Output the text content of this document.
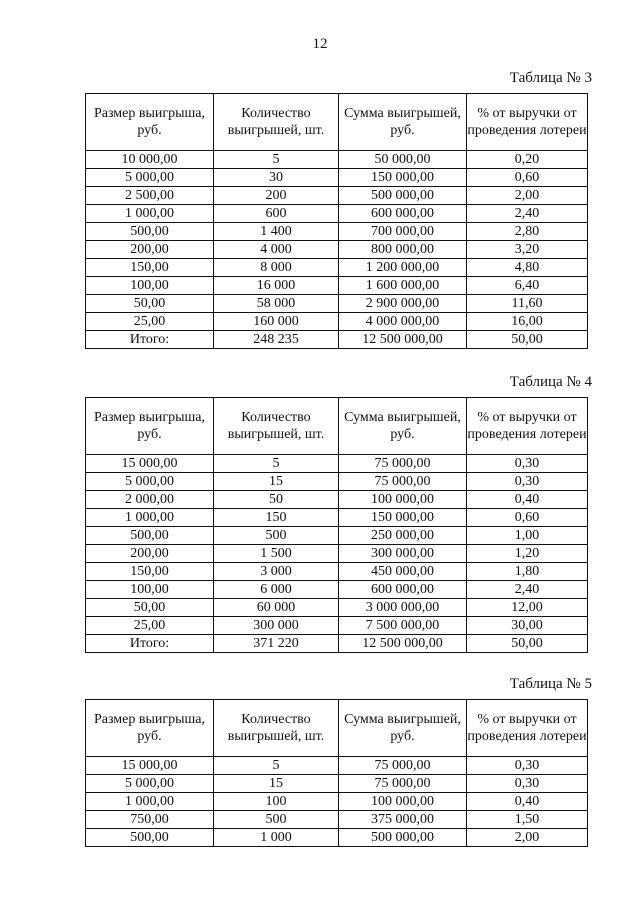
12
Таблица № 3
Размер выигрыша, руб.	Количество выигрышей, шт.	Сумма выигрышей, руб.	% от выручки от проведения лотереи
10 000,00	5	50 000,00	0,20
5 000,00	30	150 000,00	0,60
2 500,00	200	500 000,00	2,00
1 000,00	600	600 000,00	2,40
500,00	1 400	700 000,00	2,80
200,00	4 000	800 000,00	3,20
150,00	8 000	1 200 000,00	4,80
100,00	16 000	1 600 000,00	6,40
50,00	58 000	2 900 000,00	11,60
25,00	160 000	4 000 000,00	16,00
Итого:	248 235	12 500 000,00	50,00
Таблица № 4
Размер выигрыша, руб.	Количество выигрышей, шт.	Сумма выигрышей, руб.	% от выручки от проведения лотереи
15 000,00	5	75 000,00	0,30
5 000,00	15	75 000,00	0,30
2 000,00	50	100 000,00	0,40
1 000,00	150	150 000,00	0,60
500,00	500	250 000,00	1,00
200,00	1 500	300 000,00	1,20
150,00	3 000	450 000,00	1,80
100,00	6 000	600 000,00	2,40
50,00	60 000	3 000 000,00	12,00
25,00	300 000	7 500 000,00	30,00
Итого:	371 220	12 500 000,00	50,00
Таблица № 5
Размер выигрыша, руб.	Количество выигрышей, шт.	Сумма выигрышей, руб.	% от выручки от проведения лотереи
15 000,00	5	75 000,00	0,30
5 000,00	15	75 000,00	0,30
1 000,00	100	100 000,00	0,40
750,00	500	375 000,00	1,50
500,00	1 000	500 000,00	2,00
